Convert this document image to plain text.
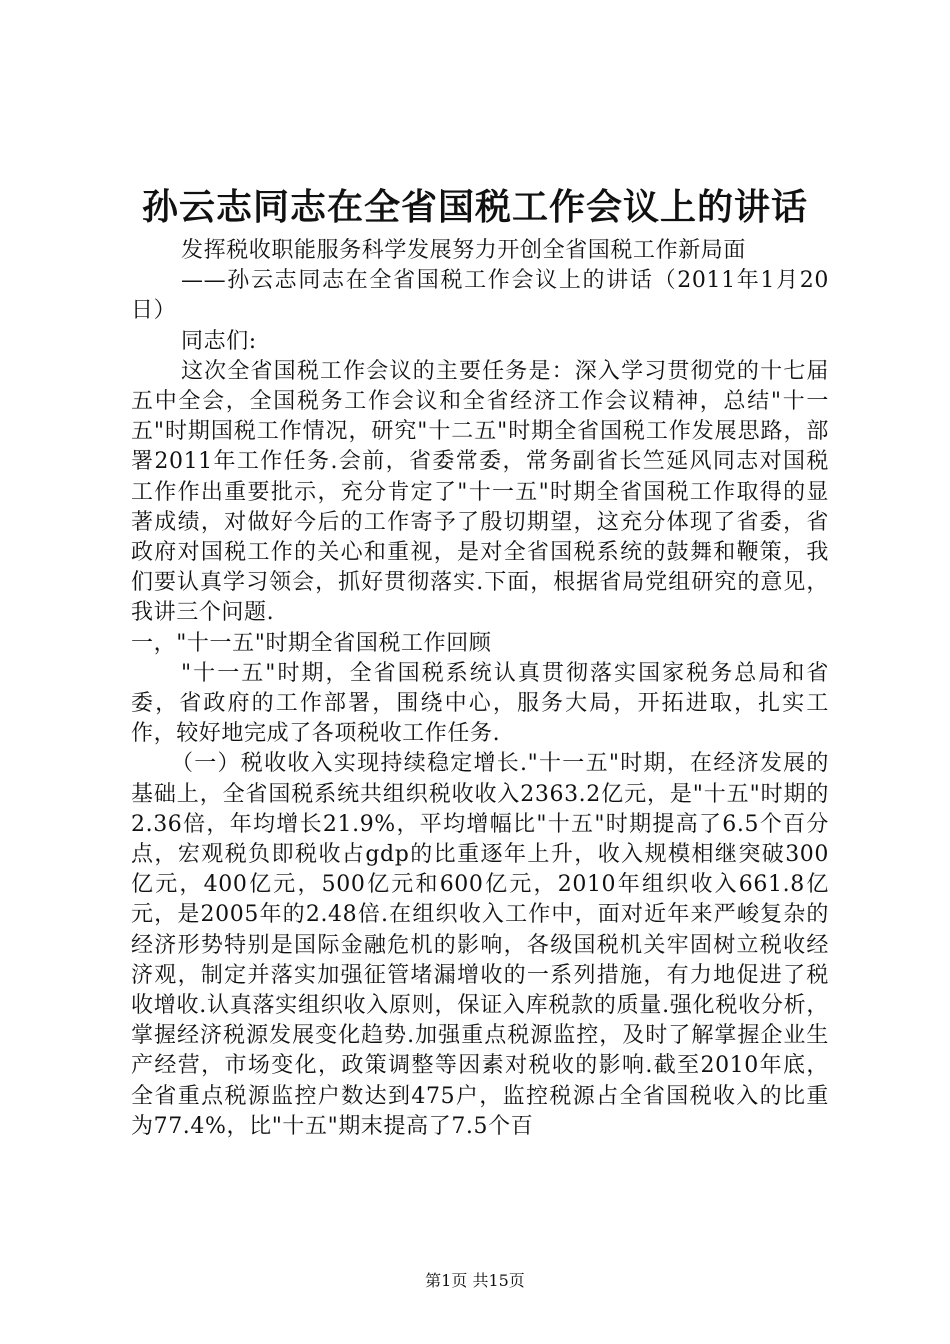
孙云志同志在全省国税工作会议上的讲话

发挥税收职能服务科学发展努力开创全省国税工作新局面

——孙云志同志在全省国税工作会议上的讲话（2011年1月20日）

同志们:

这次全省国税工作会议的主要任务是：深入学习贯彻党的十七届五中全会，全国税务工作会议和全省经济工作会议精神，总结"十一五"时期国税工作情况，研究"十二五"时期全省国税工作发展思路，部署2011年工作任务.会前，省委常委，常务副省长竺延风同志对国税工作作出重要批示，充分肯定了"十一五"时期全省国税工作取得的显著成绩，对做好今后的工作寄予了殷切期望，这充分体现了省委，省政府对国税工作的关心和重视，是对全省国税系统的鼓舞和鞭策，我们要认真学习领会，抓好贯彻落实.下面，根据省局党组研究的意见，我讲三个问题.

一，"十一五"时期全省国税工作回顾

"十一五"时期，全省国税系统认真贯彻落实国家税务总局和省委，省政府的工作部署，围绕中心，服务大局，开拓进取，扎实工作，较好地完成了各项税收工作任务.

（一）税收收入实现持续稳定增长."十一五"时期，在经济发展的基础上，全省国税系统共组织税收收入2363.2亿元，是"十五"时期的2.36倍，年均增长21.9%，平均增幅比"十五"时期提高了6.5个百分点，宏观税负即税收占gdp的比重逐年上升，收入规模相继突破300亿元，400亿元，500亿元和600亿元，2010年组织收入661.8亿元，是2005年的2.48倍.在组织收入工作中，面对近年来严峻复杂的经济形势特别是国际金融危机的影响，各级国税机关牢固树立税收经济观，制定并落实加强征管堵漏增收的一系列措施，有力地促进了税收增收.认真落实组织收入原则，保证入库税款的质量.强化税收分析，掌握经济税源发展变化趋势.加强重点税源监控，及时了解掌握企业生产经营，市场变化，政策调整等因素对税收的影响.截至2010年底，全省重点税源监控户数达到475户，监控税源占全省国税收入的比重为77.4%，比"十五"期末提高了7.5个百

第1页 共15页
